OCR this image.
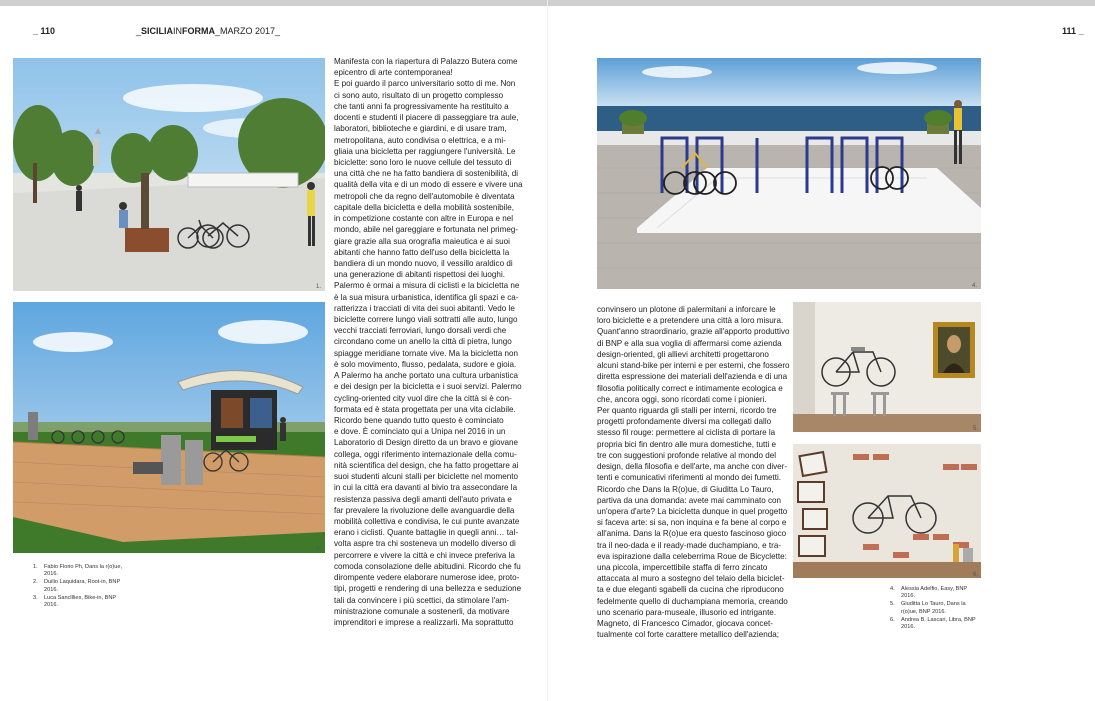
_ 110	_SICILIAINFORMA_MARZO 2017_	111 _
1.
2.
1.	Fabio Florio Ph, Dans la r(o)ue,
2016.
2.	Duilio Laquidara, Root-in, BNP
2016.
3.	Luca Sanclllies, Bike-in, BNP
2016.

Manifesta con la riapertura di Palazzo Butera come

epicentro di arte contemporanea!

E poi guardo il parco universitario sotto di me. Non

ci sono auto, risultato di un progetto complesso

che tanti anni fa progressivamente ha restituito a

docenti e studenti il piacere di passeggiare tra aule,

laboratori, biblioteche e giardini, e di usare tram,

metropolitana, auto condivisa o elettrica, e a mi-

gliaia una bicicletta per raggiungere l'università. Le

biciclette: sono loro le nuove cellule del tessuto di

una città che ne ha fatto bandiera di sostenibilità, di

qualità della vita e di un modo di essere e vivere una

metropoli che da regno dell'automobile è diventata

capitale della bicicletta e della mobilità sostenibile,

in competizione costante con altre in Europa e nel

mondo, abile nel gareggiare e fortunata nel primeg-

giare grazie alla sua orografia maieutica e ai suoi

abitanti che hanno fatto dell'uso della bicicletta la

bandiera di un mondo nuovo, il vessillo araldico di

una generazione di abitanti rispettosi dei luoghi.

Palermo è ormai a misura di ciclisti e la bicicletta ne

è la sua misura urbanistica, identifica gli spazi e ca-

ratterizza i tracciati di vita dei suoi abitanti. Vedo le

biciclette correre lungo viali sottratti alle auto, lungo

vecchi tracciati ferroviari, lungo dorsali verdi che

circondano come un anello la città di pietra, lungo

spiagge meridiane tornate vive. Ma la bicicletta non

è solo movimento, flusso, pedalata, sudore e gioia.

A Palermo ha anche portato una cultura urbanistica

e dei design per la bicicletta e i suoi servizi. Palermo

cycling-oriented city vuol dire che la città si è con-

formata ed è stata progettata per una vita ciclabile.

Ricordo bene quando tutto questo è cominciato

e dove. È cominciato qui a Unipa nel 2016 in un

Laboratorio di Design diretto da un bravo e giovane

collega, oggi riferimento internazionale della comu-

nità scientifica del design, che ha fatto progettare ai

suoi studenti alcuni stalli per biciclette nel momento

in cui la città era davanti al bivio tra assecondare la

resistenza passiva degli amanti dell'auto privata e

far prevalere la rivoluzione delle avanguardie della

mobilità collettiva e condivisa, le cui punte avanzate

erano i ciclisti. Quante battaglie in quegli anni… tal-

volta aspre tra chi sosteneva un modello diverso di

percorrere e vivere la città e chi invece preferiva la

comoda consolazione delle abitudini. Ricordo che fu

dirompente vedere elaborare numerose idee, proto-

tipi, progetti e rendering di una bellezza e seduzione

tali da convincere i più scettici, da stimolare l'am-

ministrazione comunale a sostenerli, da motivare

imprenditori e imprese a realizzarli. Ma soprattutto

4.
5.
6.
4.	Alessia Adelfio, Easy, BNP
2016.
5.	Giuditta Lo Tauro, Dans la
r(o)ue, BNP 2016.
6.	Andrea B. Lascari, Libra, BNP
2016.

convinsero un plotone di palermitani a inforcare le

loro biciclette e a pretendere una città a loro misura.

Quant'anno straordinario, grazie all'apporto produttivo

di BNP e alla sua voglia di affermarsi come azienda

design-oriented, gli allievi architetti progettarono

alcuni stand-bike per interni e per esterni, che fossero

diretta espressione dei materiali dell'azienda e di una

filosofia politically correct e intimamente ecologica e

che, ancora oggi, sono ricordati come i pionieri.

Per quanto riguarda gli stalli per interni, ricordo tre

progetti profondamente diversi ma collegati dallo

stesso fil rouge: permettere al ciclista di portare la

propria bici fin dentro alle mura domestiche, tutti e

tre con suggestioni profonde relative al mondo del

design, della filosofia e dell'arte, ma anche con diver-

tenti e comunicativi riferimenti al mondo dei fumetti.

Ricordo che Dans la R(o)ue, di Giuditta Lo Tauro,

partiva da una domanda: avete mai camminato con

un'opera d'arte? La bicicletta dunque in quel progetto

si faceva arte: si sa, non inquina e fa bene al corpo e

all'anima. Dans la R(o)ue era questo fascinoso gioco

tra il neo-dada e il ready-made duchampiano, e tra-

eva ispirazione dalla celeberrima Roue de Bicyclette:

una piccola, impercettibile staffa di ferro zincato

attaccata al muro a sostegno del telaio della biciclet-

ta e due eleganti sgabelli da cucina che riproducono

fedelmente quello di duchampiana memoria, creando

uno scenario para-museale, illusorio ed intrigante.

Magneto, di Francesco Cimador, giocava concet-

tualmente col forte carattere metallico dell'azienda;
